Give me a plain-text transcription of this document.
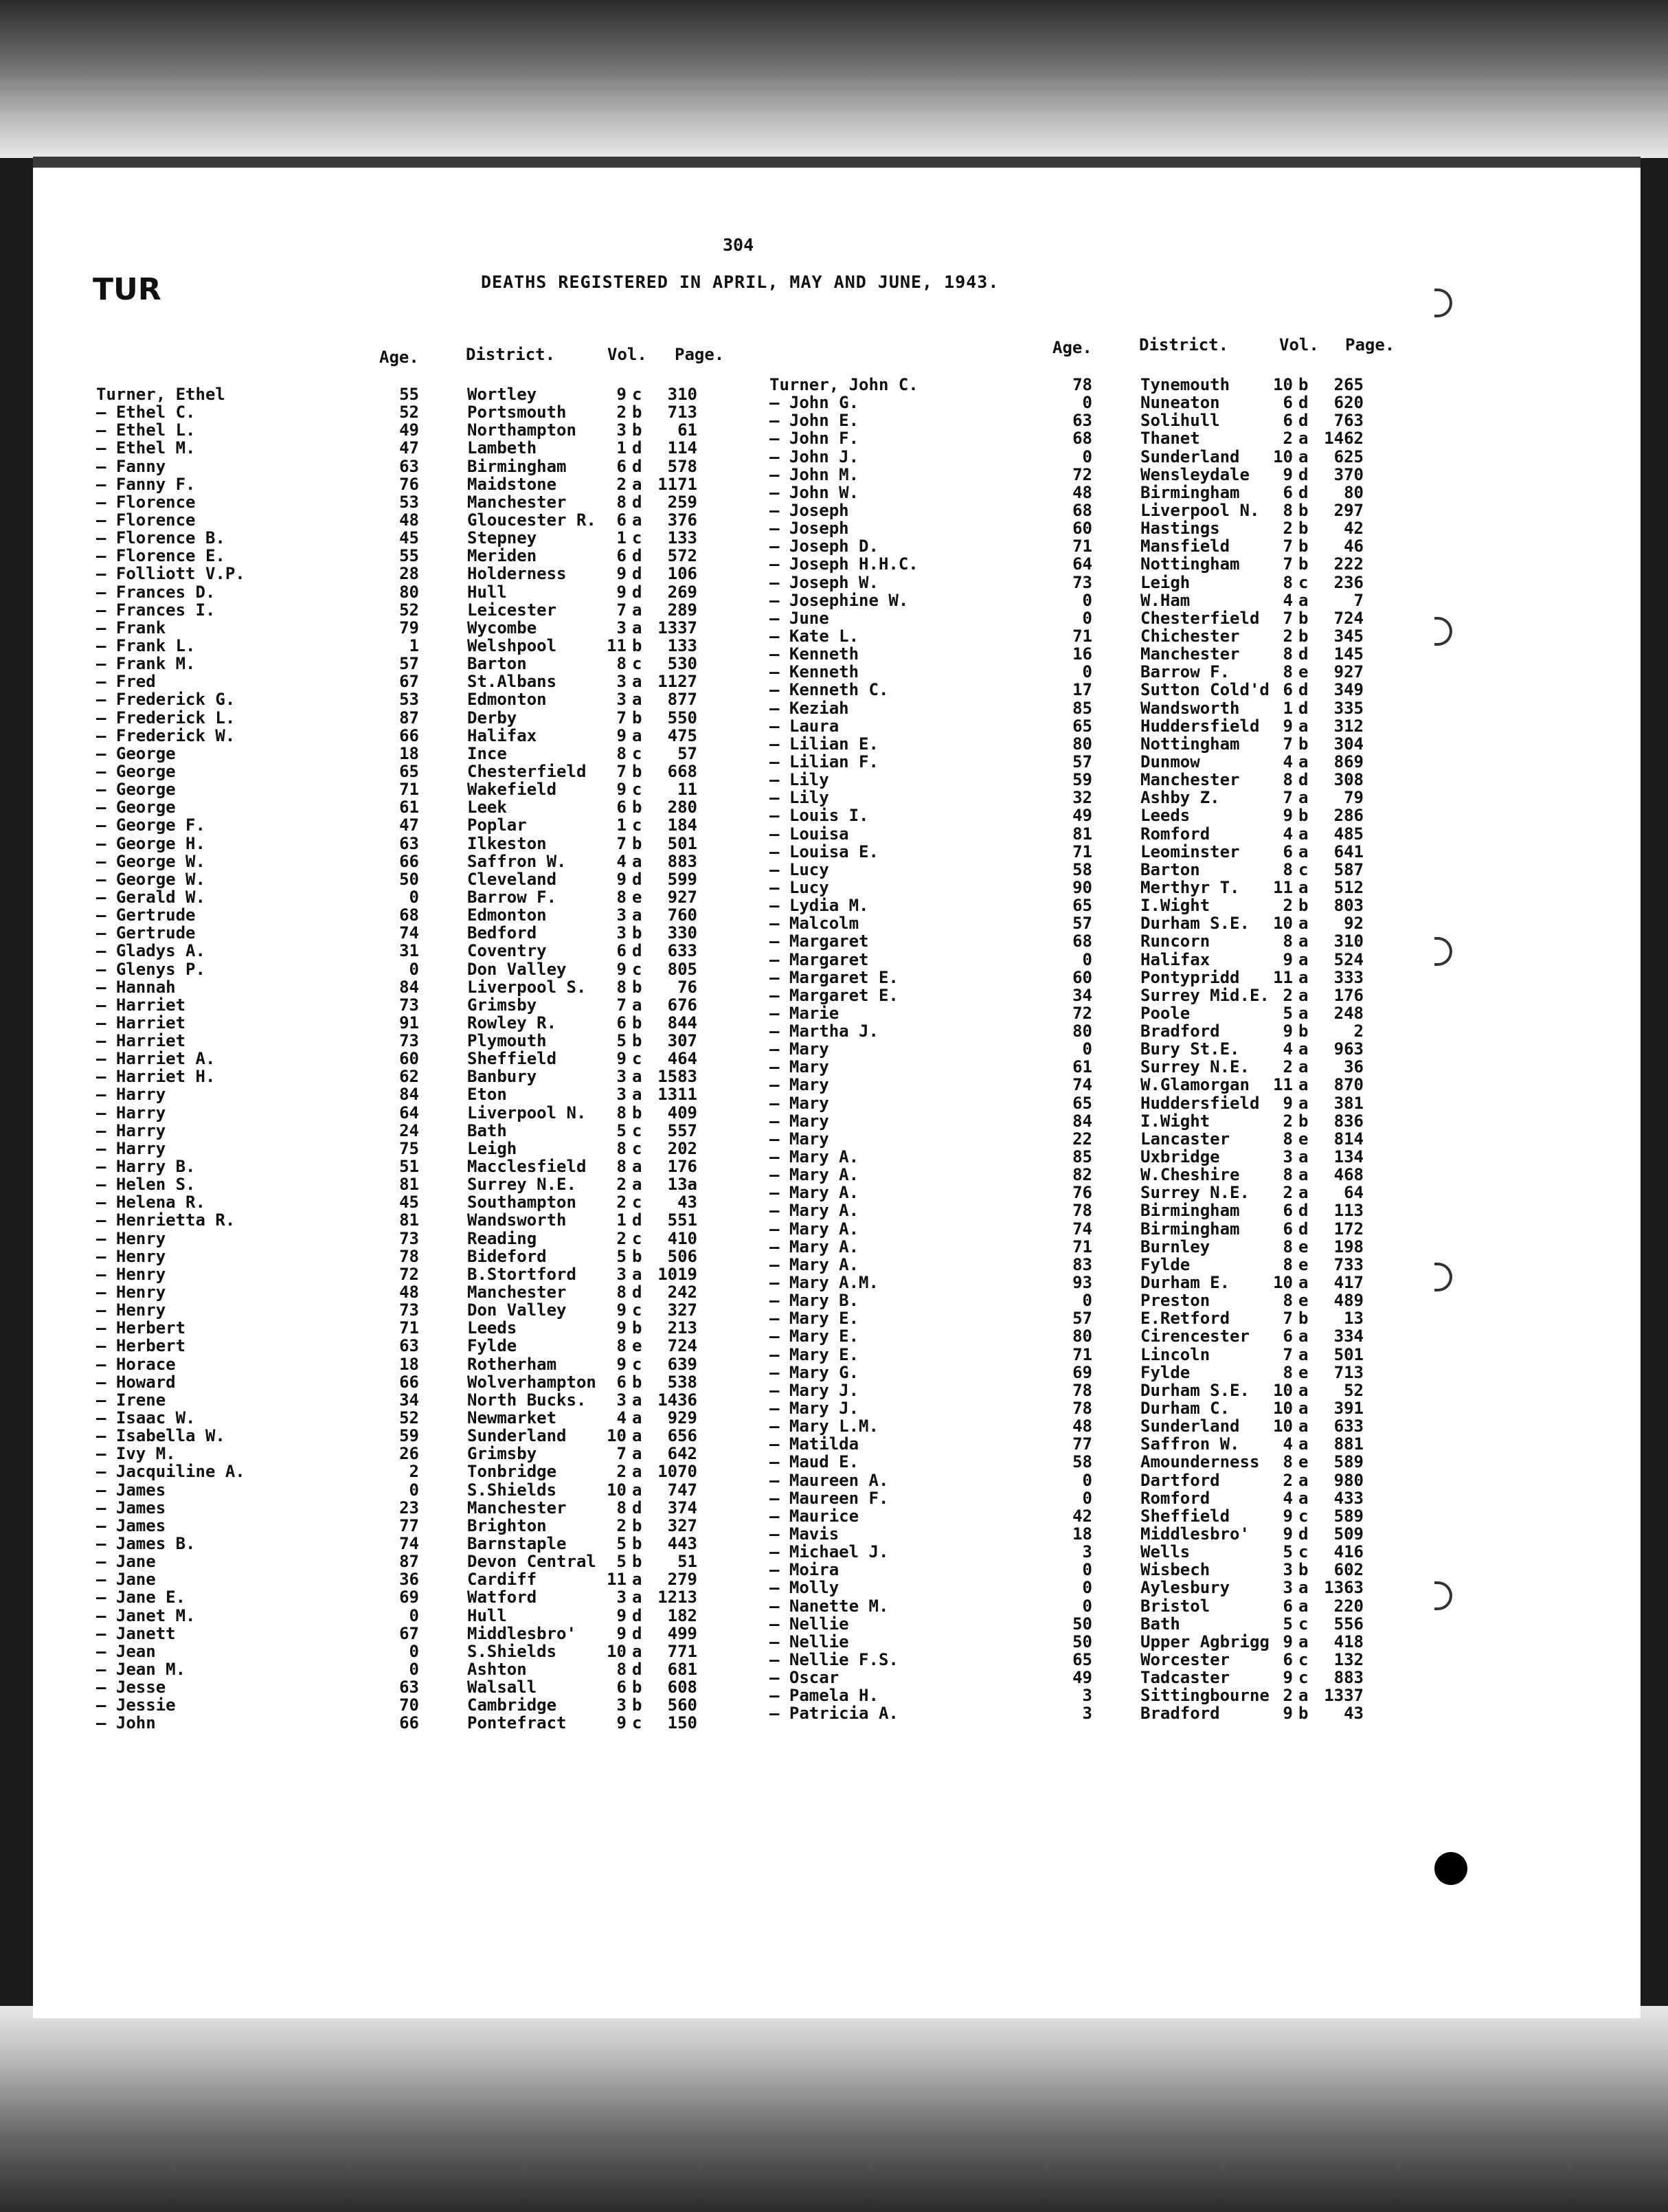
304
TUR	DEATHS REGISTERED IN APRIL, MAY AND JUNE, 1943.
Age.	District.	Vol. Page.	Age.	District.	Vol. Page.
Turner, Ethel	55	Wortley	9 c	310
— Ethel C.	52	Portsmouth	2 b	713
— Ethel L.	49	Northampton	3 b	61
— Ethel M.	47	Lambeth	1 d	114
— Fanny	63	Birmingham	6 d	578
— Fanny F.	76	Maidstone	2 a 1171
— Florence	53	Manchester	8 d	259
— Florence	48	Gloucester R.	6 a	376
— Florence B.	45	Stepney	1 c	133
— Florence E.	55	Meriden	6 d	572
— Folliott V.P.	28	Holderness	9 d	106
— Frances D.	80	Hull	9 d	269
— Frances I.	52	Leicester	7 a	289
— Frank	79	Wycombe	3 a 1337
— Frank L.	1	Welshpool	11 b	133
— Frank M.	57	Barton	8 c	530
— Fred	67	St.Albans	3 a 1127
— Frederick G.	53	Edmonton	3 a	877
— Frederick L.	87	Derby	7 b	550
— Frederick W.	66	Halifax	9 a	475
— George	18	Ince	8 c	57
— George	65	Chesterfield	7 b	668
— George	71	Wakefield	9 c	11
— George	61	Leek	6 b	280
— George F.	47	Poplar	1 c	184
— George H.	63	Ilkeston	7 b	501
— George W.	66	Saffron W.	4 a	883
— George W.	50	Cleveland	9 d	599
— Gerald W.	0	Barrow F.	8 e	927
— Gertrude	68	Edmonton	3 a	760
— Gertrude	74	Bedford	3 b	330
— Gladys A.	31	Coventry	6 d	633
— Glenys P.	0	Don Valley	9 c	805
— Hannah	84	Liverpool S.	8 b	76
— Harriet	73	Grimsby	7 a	676
— Harriet	91	Rowley R.	6 b	844
— Harriet	73	Plymouth	5 b	307
— Harriet A.	60	Sheffield	9 c	464
— Harriet H.	62	Banbury	3 a 1583
— Harry	84	Eton	3 a 1311
— Harry	64	Liverpool N.	8 b	409
— Harry	24	Bath	5 c	557
— Harry	75	Leigh	8 c	202
— Harry B.	51	Macclesfield	8 a	176
— Helen S.	81	Surrey N.E.	2 a	13a
— Helena R.	45	Southampton	2 c	43
— Henrietta R.	81	Wandsworth	1 d	551
— Henry	73	Reading	2 c	410
— Henry	78	Bideford	5 b	506
— Henry	72	B.Stortford	3 a 1019
— Henry	48	Manchester	8 d	242
— Henry	73	Don Valley	9 c	327
— Herbert	71	Leeds	9 b	213
— Herbert	63	Fylde	8 e	724
— Horace	18	Rotherham	9 c	639
— Howard	66	Wolverhampton	6 b	538
— Irene	34	North Bucks.	3 a 1436
— Isaac W.	52	Newmarket	4 a	929
— Isabella W.	59	Sunderland	10 a	656
— Ivy M.	26	Grimsby	7 a	642
— Jacquiline A.	2	Tonbridge	2 a 1070
— James	0	S.Shields	10 a	747
— James	23	Manchester	8 d	374
— James	77	Brighton	2 b	327
— James B.	74	Barnstaple	5 b	443
— Jane	87	Devon Central	5 b	51
— Jane	36	Cardiff	11 a	279
— Jane E.	69	Watford	3 a 1213
— Janet M.	0	Hull	9 d	182
— Janett	67	Middlesbro'	9 d	499
— Jean	0	S.Shields	10 a	771
— Jean M.	0	Ashton	8 d	681
— Jesse	63	Walsall	6 b	608
— Jessie	70	Cambridge	3 b	560
— John	66	Pontefract	9 c	150
Turner, John C.	78	Tynemouth	10 b	265
— John G.	0	Nuneaton	6 d	620
— John E.	63	Solihull	6 d	763
— John F.	68	Thanet	2 a 1462
— John J.	0	Sunderland	10 a	625
— John M.	72	Wensleydale	9 d	370
— John W.	48	Birmingham	6 d	80
— Joseph	68	Liverpool N.	8 b	297
— Joseph	60	Hastings	2 b	42
— Joseph D.	71	Mansfield	7 b	46
— Joseph H.H.C.	64	Nottingham	7 b	222
— Joseph W.	73	Leigh	8 c	236
— Josephine W.	0	W.Ham	4 a	7
— June	0	Chesterfield	7 b	724
— Kate L.	71	Chichester	2 b	345
— Kenneth	16	Manchester	8 d	145
— Kenneth	0	Barrow F.	8 e	927
— Kenneth C.	17	Sutton Cold'd 6 d	349
— Keziah	85	Wandsworth	1 d	335
— Laura	65	Huddersfield	9 a	312
— Lilian E.	80	Nottingham	7 b	304
— Lilian F.	57	Dunmow	4 a	869
— Lily	59	Manchester	8 d	308
— Lily	32	Ashby Z.	7 a	79
— Louis I.	49	Leeds	9 b	286
— Louisa	81	Romford	4 a	485
— Louisa E.	71	Leominster	6 a	641
— Lucy	58	Barton	8 c	587
— Lucy	90	Merthyr T.	11 a	512
— Lydia M.	65	I.Wight	2 b	803
— Malcolm	57	Durham S.E.	10 a	92
— Margaret	68	Runcorn	8 a	310
— Margaret	0	Halifax	9 a	524
— Margaret E.	60	Pontypridd	11 a	333
— Margaret E.	34	Surrey Mid.E. 2 a	176
— Marie	72	Poole	5 a	248
— Martha J.	80	Bradford	9 b	2
— Mary	0	Bury St.E.	4 a	963
— Mary	61	Surrey N.E.	2 a	36
— Mary	74	W.Glamorgan	11 a	870
— Mary	65	Huddersfield	9 a	381
— Mary	84	I.Wight	2 b	836
— Mary	22	Lancaster	8 e	814
— Mary A.	85	Uxbridge	3 a	134
— Mary A.	82	W.Cheshire	8 a	468
— Mary A.	76	Surrey N.E.	2 a	64
— Mary A.	78	Birmingham	6 d	113
— Mary A.	74	Birmingham	6 d	172
— Mary A.	71	Burnley	8 e	198
— Mary A.	83	Fylde	8 e	733
— Mary A.M.	93	Durham E.	10 a	417
— Mary B.	0	Preston	8 e	489
— Mary E.	57	E.Retford	7 b	13
— Mary E.	80	Cirencester	6 a	334
— Mary E.	71	Lincoln	7 a	501
— Mary G.	69	Fylde	8 e	713
— Mary J.	78	Durham S.E.	10 a	52
— Mary J.	78	Durham C.	10 a	391
— Mary L.M.	48	Sunderland	10 a	633
— Matilda	77	Saffron W.	4 a	881
— Maud E.	58	Amounderness	8 e	589
— Maureen A.	0	Dartford	2 a	980
— Maureen F.	0	Romford	4 a	433
— Maurice	42	Sheffield	9 c	589
— Mavis	18	Middlesbro'	9 d	509
— Michael J.	3	Wells	5 c	416
— Moira	0	Wisbech	3 b	602
— Molly	0	Aylesbury	3 a 1363
— Nanette M.	0	Bristol	6 a	220
— Nellie	50	Bath	5 c	556
— Nellie	50	Upper Agbrigg 9 a	418
— Nellie F.S.	65	Worcester	6 c	132
— Oscar	49	Tadcaster	9 c	883
— Pamela H.	3	Sittingbourne 2 a 1337
— Patricia A.	3	Bradford	9 b	43
